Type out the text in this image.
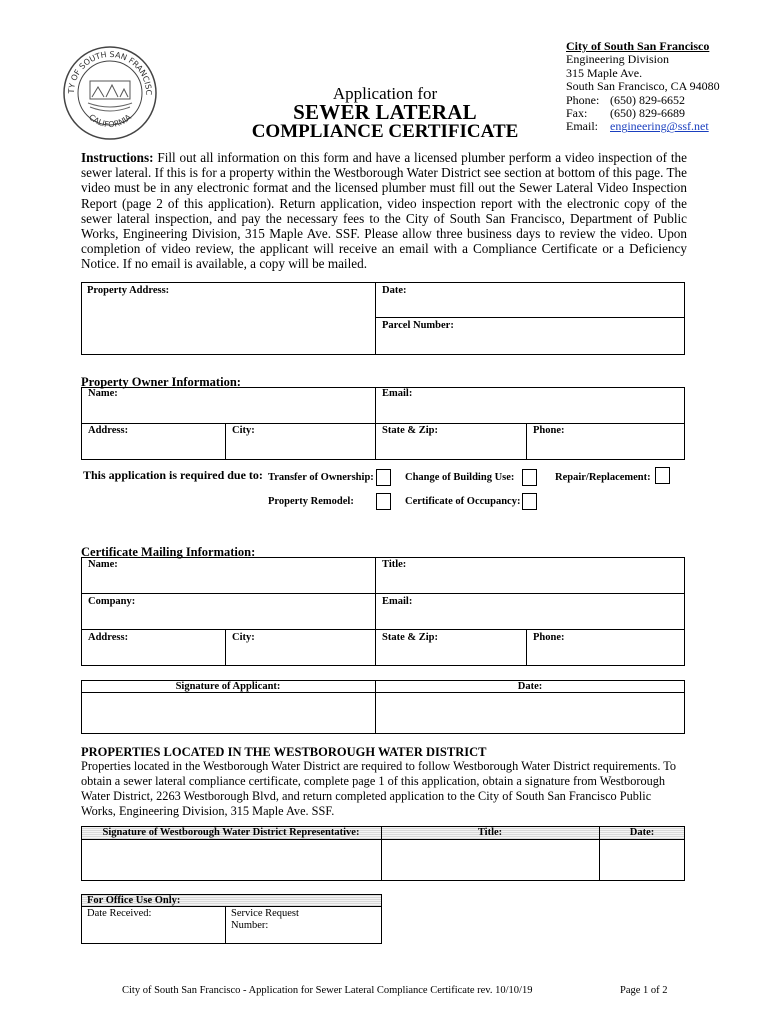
TY OF SOUTH SAN FRANCISC
CALIFORNIA
Application for
SEWER LATERAL
COMPLIANCE CERTIFICATE
City of South San Francisco
Engineering Division
315 Maple Ave.
South San Francisco, CA 94080
Phone: (650) 829-6652
Fax: (650) 829-6689
Email: engineering@ssf.net
Instructions: Fill out all information on this form and have a licensed plumber perform a video inspection of the sewer lateral. If this is for a property within the Westborough Water District see section at bottom of this page. The video must be in any electronic format and the licensed plumber must fill out the Sewer Lateral Video Inspection Report (page 2 of this application). Return application, video inspection report with the electronic copy of the sewer lateral inspection, and pay the necessary fees to the City of South San Francisco, Department of Public Works, Engineering Division, 315 Maple Ave. SSF. Please allow three business days to review the video. Upon completion of video review, the applicant will receive an email with a Compliance Certificate or a Deficiency Notice. If no email is available, a copy will be mailed.
Property Address:	Date:
Parcel Number:
Property Owner Information:
Name:	Email:
Address:	City:	State & Zip:	Phone:
This application is required due to: Transfer of Ownership:	Change of Building Use:	Repair/Replacement:
Property Remodel:	Certificate of Occupancy:
Certificate Mailing Information:
Name:	Title:
Company:	Email:
Address:	City:	State & Zip:	Phone:
Signature of Applicant:	Date:
PROPERTIES LOCATED IN THE WESTBOROUGH WATER DISTRICT
Properties located in the Westborough Water District are required to follow Westborough Water District requirements. To obtain a sewer lateral compliance certificate, complete page 1 of this application, obtain a signature from Westborough Water District, 2263 Westborough Blvd, and return completed application to the City of South San Francisco Public Works, Engineering Division, 315 Maple Ave. SSF.
Signature of Westborough Water District Representative:	Title:	Date:
For Office Use Only:
Date Received:	Service Request
Number:
City of South San Francisco - Application for Sewer Lateral Compliance Certificate rev. 10/10/19	Page 1 of 2
